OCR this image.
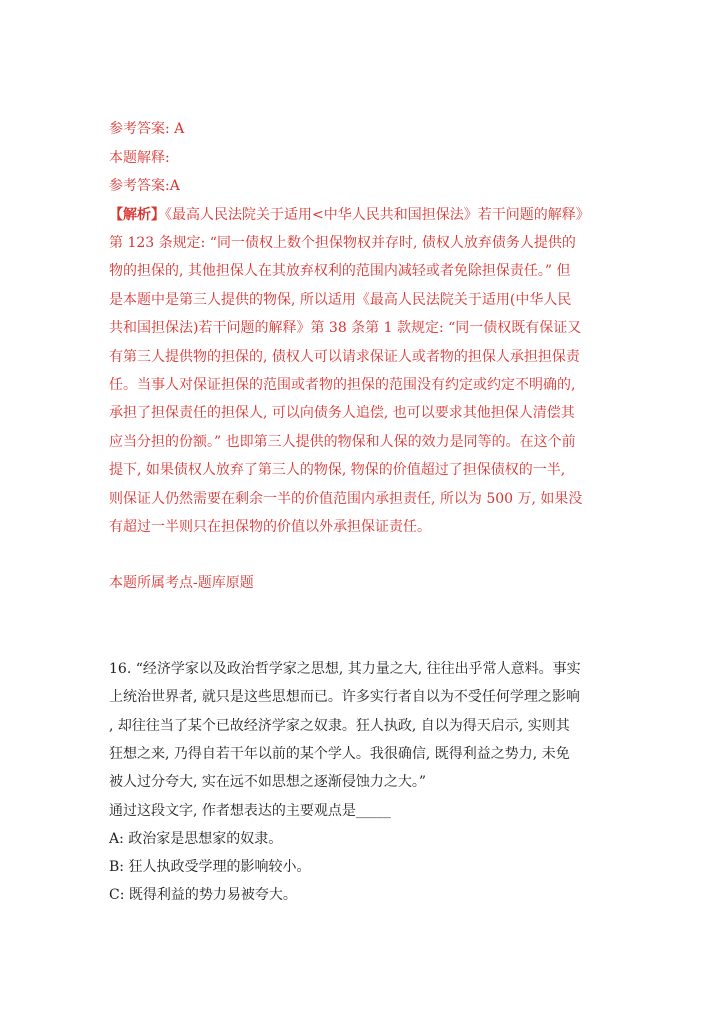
参考答案: A
本题解释:
参考答案:A
【解析】《最高人民法院关于适用<中华人民共和国担保法》若干问题的解释》
第 123 条规定: “同一债权上数个担保物权并存时, 债权人放弃债务人提供的
物的担保的, 其他担保人在其放弃权利的范围内减轻或者免除担保责任。” 但
是本题中是第三人提供的物保, 所以适用《最高人民法院关于适用(中华人民
共和国担保法)若干问题的解释》第 38 条第 1 款规定: “同一债权既有保证又
有第三人提供物的担保的, 债权人可以请求保证人或者物的担保人承担担保责
任。当事人对保证担保的范围或者物的担保的范围没有约定或约定不明确的,
承担了担保责任的担保人, 可以向债务人追偿, 也可以要求其他担保人清偿其
应当分担的份额。” 也即第三人提供的物保和人保的效力是同等的。在这个前
提下, 如果债权人放弃了第三人的物保, 物保的价值超过了担保债权的一半,
则保证人仍然需要在剩余一半的价值范围内承担责任, 所以为 500 万, 如果没
有超过一半则只在担保物的价值以外承担保证责任。
本题所属考点-题库原题
16. “经济学家以及政治哲学家之思想, 其力量之大, 往往出乎常人意料。事实
上统治世界者, 就只是这些思想而已。许多实行者自以为不受任何学理之影响
, 却往往当了某个已故经济学家之奴隶。狂人执政, 自以为得天启示, 实则其
狂想之来, 乃得自若干年以前的某个学人。我很确信, 既得利益之势力, 未免
被人过分夸大, 实在远不如思想之逐渐侵蚀力之大。”
通过这段文字, 作者想表达的主要观点是_____
A: 政治家是思想家的奴隶。
B: 狂人执政受学理的影响较小。
C: 既得利益的势力易被夸大。
